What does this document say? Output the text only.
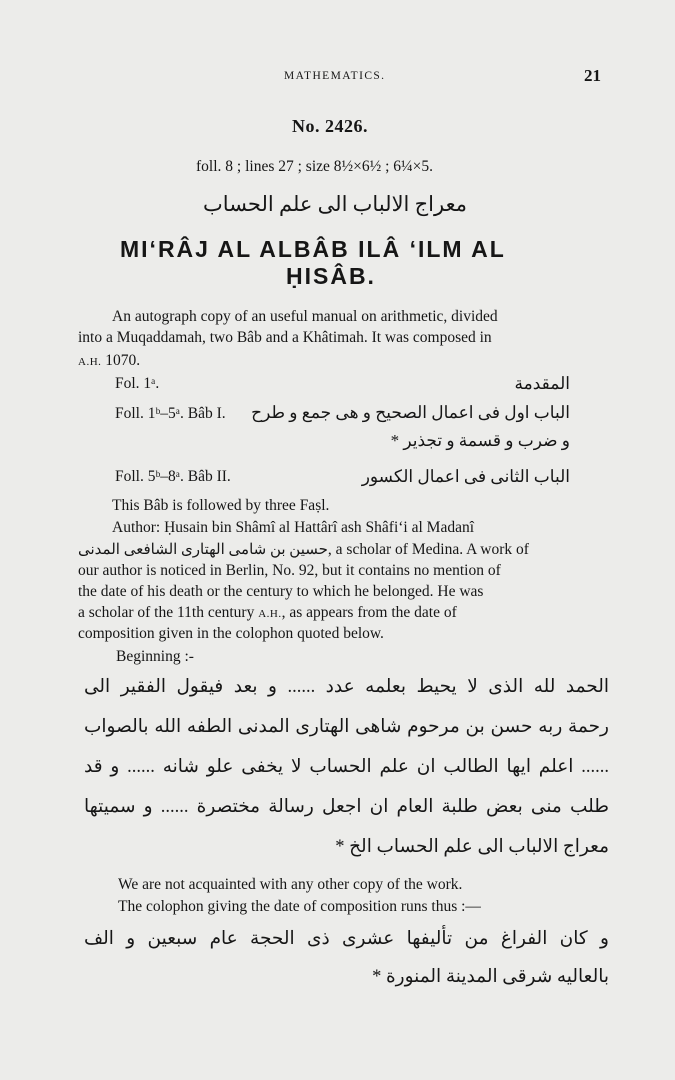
MATHEMATICS.	21
No. 2426.
foll. 8 ; lines 27 ; size 8½×6½ ; 6¼×5.
معراج الالباب الى علم الحساب
MI‘RÂJ AL ALBÂB ILÂ ‘ILM AL
ḤISÂB.
An autograph copy of an useful manual on arithmetic, divided
into a Muqaddamah, two Bâb and a Khâtimah. It was composed in
A.H. 1070.
Fol. 1ᵃ.	المقدمة
Foll. 1ᵇ–5ᵃ. Bâb I. الباب اول فی اعمال الصحیح و هی جمع و طرح
و ضرب و قسمة و تجذیر *
Foll. 5ᵇ–8ᵃ. Bâb II.	الباب الثانی فی اعمال الکسور
This Bâb is followed by three Faṣl.
Author: Ḥusain bin Shâmî al Hattârî ash Shâfi‘i al Madanî
حسین بن شامی الهتاری الشافعی المدنی, a scholar of Medina. A work of
our author is noticed in Berlin, No. 92, but it contains no mention of
the date of his death or the century to which he belonged. He was
a scholar of the 11th century A.H., as appears from the date of
composition given in the colophon quoted below.
Beginning :-
الحمد لله الذی لا یحیط بعلمه عدد ...... و بعد فیقول الفقیر الی
رحمة ربه حسن بن مرحوم شاهی الهتاری المدنی الطفه الله بالصواب
...... اعلم ایها الطالب ان علم الحساب لا یخفی علو شانه ...... و قد
طلب منی بعض طلبة العام ان اجعل رسالة مختصرة ...... و سمیتها
معراج الالباب الی علم الحساب الخ *
We are not acquainted with any other copy of the work.
The colophon giving the date of composition runs thus :—
و کان الفراغ من تألیفها عشری ذی الحجة عام سبعین و الف
بالعالیه شرقی المدینة المنورة *
